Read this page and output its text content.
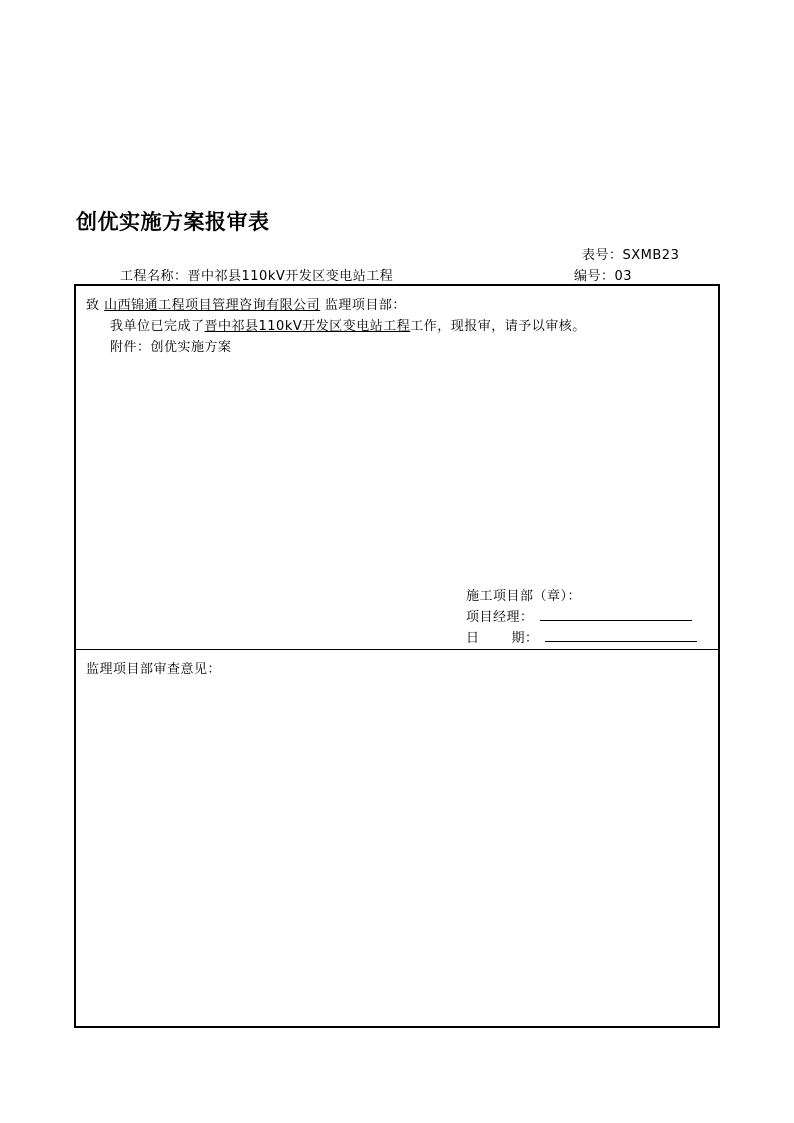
创优实施方案报审表
表号：SXMB23
工程名称：晋中祁县110kV开发区变电站工程	编号：03
致 山西锦通工程项目管理咨询有限公司 监理项目部：
我单位已完成了晋中祁县110kV开发区变电站工程工作，现报审，请予以审核。
附件：创优实施方案
施工项目部（章）：
项目经理：
日 期：
监理项目部审查意见：
